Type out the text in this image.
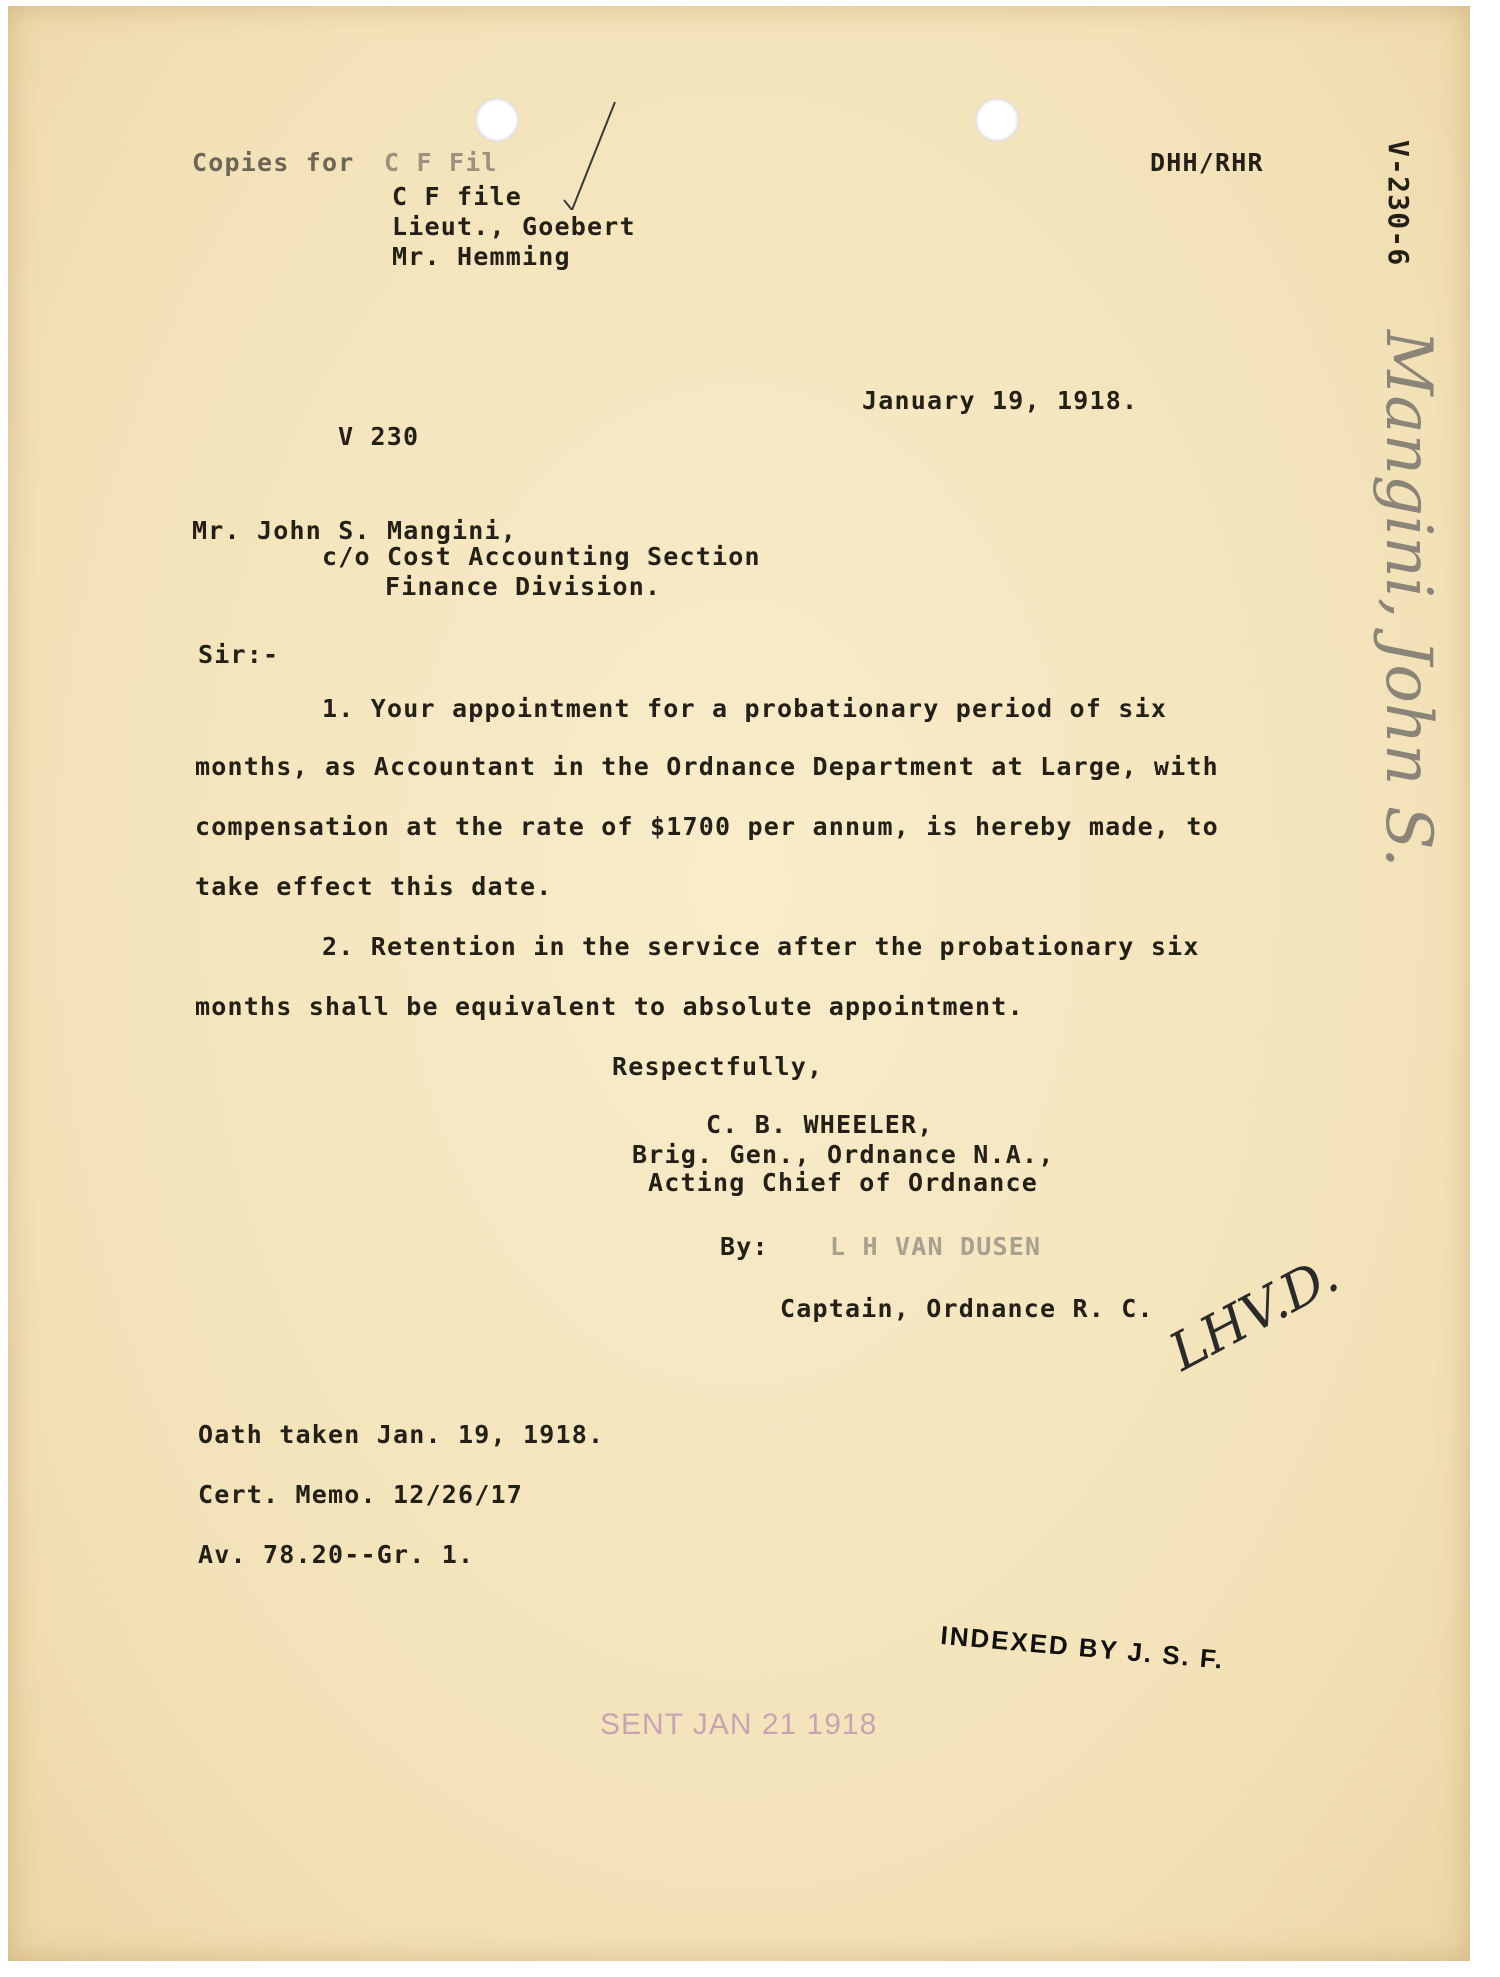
Copies for C F Fil
C F file
Lieut., Goebert
Mr. Hemming
DHH/RHR	V-230-6
Mangini, John S.
January 19, 1918.
V 230
Mr. John S. Mangini,
c/o Cost Accounting Section
Finance Division.
Sir:-
1. Your appointment for a probationary period of six
months, as Accountant in the Ordnance Department at Large, with
compensation at the rate of $1700 per annum, is hereby made, to
take effect this date.
2. Retention in the service after the probationary six
months shall be equivalent to absolute appointment.
Respectfully,
C. B. WHEELER,
Brig. Gen., Ordnance N.A.,
Acting Chief of Ordnance
By: L H VAN DUSEN
Captain, Ordnance R. C. LHV.D.
Oath taken Jan. 19, 1918.
Cert. Memo. 12/26/17
Av. 78.20--Gr. 1.
INDEXED BY J. S. F.
SENT JAN 21 1918
